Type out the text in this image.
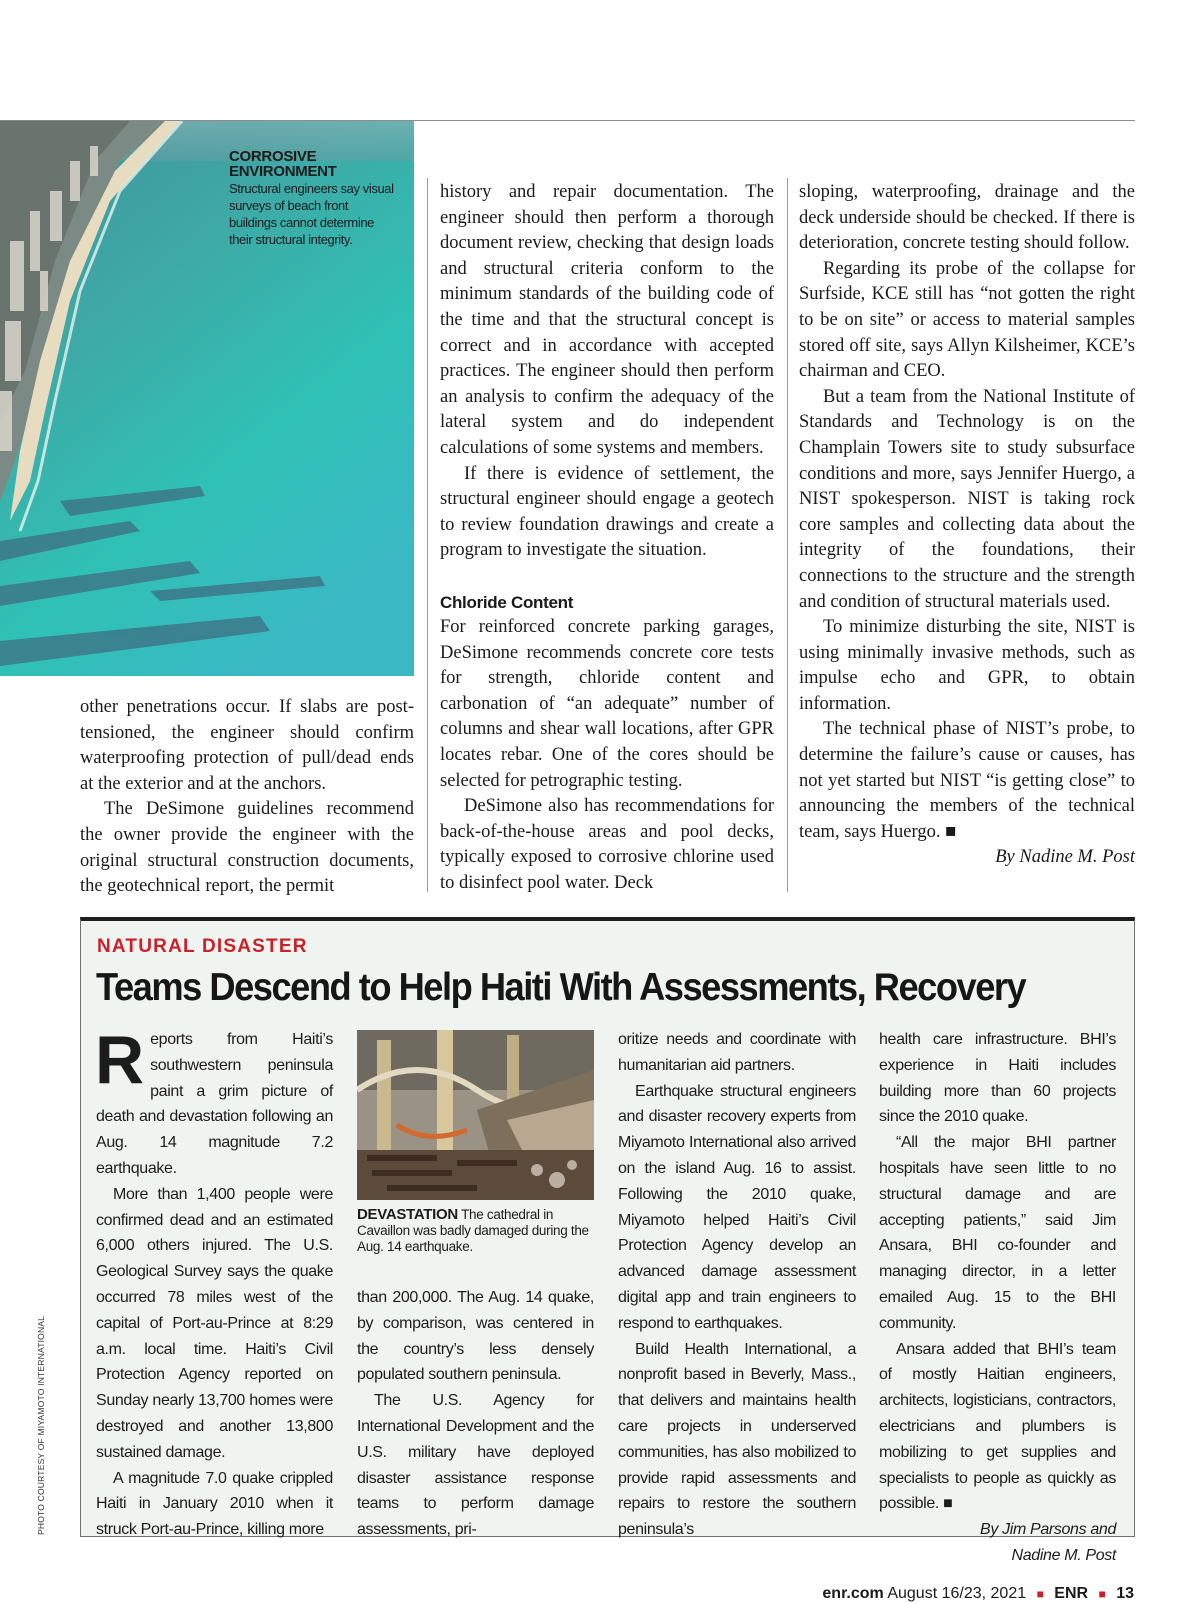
CORROSIVE
ENVIRONMENT
Structural engineers say visual surveys of beach front buildings cannot determine their structural integrity.

other penetrations occur. If slabs are post-tensioned, the engineer should confirm waterproofing protection of pull/dead ends at the exterior and at the anchors.

The DeSimone guidelines recommend the owner provide the engineer with the original structural construction documents, the geotechnical report, the permit

history and repair documentation. The engineer should then perform a thorough document review, checking that design loads and structural criteria conform to the minimum standards of the building code of the time and that the structural concept is correct and in accordance with accepted practices. The engineer should then perform an analysis to confirm the adequacy of the lateral system and do independent calculations of some systems and members.

If there is evidence of settlement, the structural engineer should engage a geotech to review foundation drawings and create a program to investigate the situation.

Chloride Content

For reinforced concrete parking garages, DeSimone recommends concrete core tests for strength, chloride content and carbonation of “an adequate” number of columns and shear wall locations, after GPR locates rebar. One of the cores should be selected for petrographic testing.

DeSimone also has recommendations for back-of-the-house areas and pool decks, typically exposed to corrosive chlorine used to disinfect pool water. Deck

sloping, waterproofing, drainage and the deck underside should be checked. If there is deterioration, concrete testing should follow.

Regarding its probe of the collapse for Surfside, KCE still has “not gotten the right to be on site” or access to material samples stored off site, says Allyn Kilsheimer, KCE’s chairman and CEO.

But a team from the National Institute of Standards and Technology is on the Champlain Towers site to study subsurface conditions and more, says Jennifer Huergo, a NIST spokesperson. NIST is taking rock core samples and collecting data about the integrity of the foundations, their connections to the structure and the strength and condition of structural materials used.

To minimize disturbing the site, NIST is using minimally invasive methods, such as impulse echo and GPR, to obtain information.

The technical phase of NIST’s probe, to determine the failure’s cause or causes, has not yet started but NIST “is getting close” to announcing the members of the technical team, says Huergo. ■

By Nadine M. Post

NATURAL DISASTER
Teams Descend to Help Haiti With Assessments, Recovery

Reports from Haiti’s southwestern peninsula paint a grim picture of death and devastation following an Aug. 14 magnitude 7.2 earthquake.

More than 1,400 people were confirmed dead and an estimated 6,000 others injured. The U.S. Geological Survey says the quake occurred 78 miles west of the capital of Port-au-Prince at 8:29 a.m. local time. Haiti’s Civil Protection Agency reported on Sunday nearly 13,700 homes were destroyed and another 13,800 sustained damage.

A magnitude 7.0 quake crippled Haiti in January 2010 when it struck Port-au-Prince, killing more

DEVASTATION The cathedral in Cavaillon was badly damaged during the Aug. 14 earthquake.

than 200,000. The Aug. 14 quake, by comparison, was centered in the country’s less densely populated southern peninsula.

The U.S. Agency for International Development and the U.S. military have deployed disaster assistance response teams to perform damage assessments, pri-

oritize needs and coordinate with humanitarian aid partners.

Earthquake structural engineers and disaster recovery experts from Miyamoto International also arrived on the island Aug. 16 to assist. Following the 2010 quake, Miyamoto helped Haiti’s Civil Protection Agency develop an advanced damage assessment digital app and train engineers to respond to earthquakes.

Build Health International, a nonprofit based in Beverly, Mass., that delivers and maintains health care projects in underserved communities, has also mobilized to provide rapid assessments and repairs to restore the southern peninsula’s

health care infrastructure. BHI’s experience in Haiti includes building more than 60 projects since the 2010 quake.

“All the major BHI partner hospitals have seen little to no structural damage and are accepting patients,” said Jim Ansara, BHI co-founder and managing director, in a letter emailed Aug. 15 to the BHI community.

Ansara added that BHI’s team of mostly Haitian engineers, architects, logisticians, contractors, electricians and plumbers is mobilizing to get supplies and specialists to people as quickly as possible. ■

By Jim Parsons and

Nadine M. Post

PHOTO COURTESY OF MIYAMOTO INTERNATIONAL
enr.com August 16/23, 2021 ■ ENR ■ 13
